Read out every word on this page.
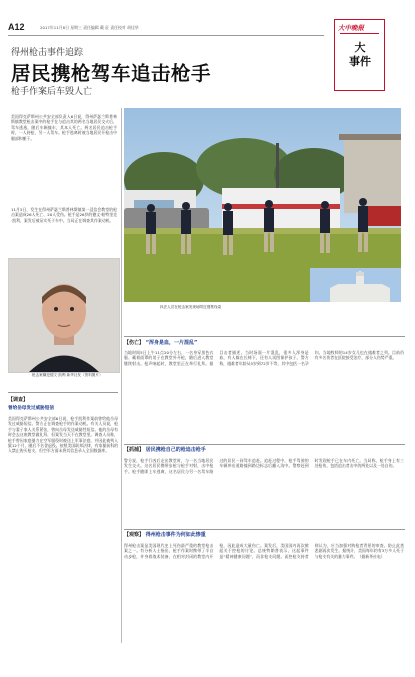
A12	2017年11月8日 星期三 责任编辑 戴 征 责任校对 胡佳华	大中晚报
大
事件
得州枪击事件追踪
居民携枪驾车追击枪手
枪手作案后车毁人亡
美国得克萨斯州公共安全部负责人6日说，得州萨瑟兰斯普林斯镇教堂枪击案中的枪手在与追击其的两名当地居民交火后，驾车逃逸，随后车辆撞车，其本人死亡。两名居民追击枪手时，一人持枪，另一人驾车。枪手逃离时被当地居民开枪击中腿部和躯干。
11月5日，发生在得州萨瑟兰斯普林斯镇第一浸信会教堂的枪击案造成26人死亡、20人受伤。枪手是26岁的德文·帕特里克·凯利，案发后被证实死于车中。当局正在调查其作案动机。
执法人员在枪击案发现场附近搜集线索
枪击案嫌犯德文·凯利 新华社发（资料图片）
【调查】
曾给岳母发过威胁短信
美国得克萨斯州公共安全部6日说，枪手凯利作案前曾给他岳母发过威胁短信。警方正在调查枪手的作案动机。有关人员说，枪手与妻子家人关系紧张，曾向岳母发送威胁性短信。他的岳母有时会去这座教堂做礼拜，但案发当天不在教堂里。调查人员称，枪手曾因家庭暴力在空军服役时被送上军事法庭，并因此被判入狱12个月，随后不名誉退役。按照美国联邦法律，有家暴前科的人禁止购买枪支，但空军方面未将其信息录入全国数据库。
【伤亡】 “浑身是血，一片混乱”
当地时间5日上午11点20分左右，一名身穿黑色衣服、戴着面罩的男子在教堂外开枪，随后进入教堂继续射击。枪声响起时，教堂里正在举行礼拜。据目击者描述，当时场面一片混乱，很多人浑身是血，有人躲在长椅下，还有人试图保护孩子。警方称，遇难者年龄从5岁到72岁不等，其中包括一名孕妇。当地牧师的14岁女儿也在遇难者之列。目前仍有多名伤者在医院接受治疗，部分人伤势严重。
【抓捕】 居民携枪自己的枪追击枪手
警方说，枪手行凶后走出教堂时，与一名当地居民发生交火。这名居民携带步枪与枪手对射，击中枪手。枪手随即上车逃离，这名居民与另一名驾车路过的居民一同驾车追赶。追赶过程中，枪手驾驶的车辆冲出道路撞到路边标志后翻入沟中。警察赶到时发现枪手已在车内死亡。当局称，枪手身上有三处枪伤，包括追击者击中的两处以及一处自伤。
【观察】 得州枪击事件为何如此惨重
得州枪击案是美国现代史上死伤最严重的教堂枪击案之一。有分析人士指出，枪手作案时携带了半自动步枪，并身着战术装备，在相对封闭的教堂内开枪，因此造成大量伤亡。案发后，美国国内再次掀起关于控枪的讨论。总统特朗普表示，这起事件是“精神健康问题”，而非枪支问题。而控枪支持者则认为，应当加强对购枪者背景的审查，防止此类悲剧再次发生。据统计，美国每年约有3万多人死于与枪支有关的暴力事件。（据新华社电）
